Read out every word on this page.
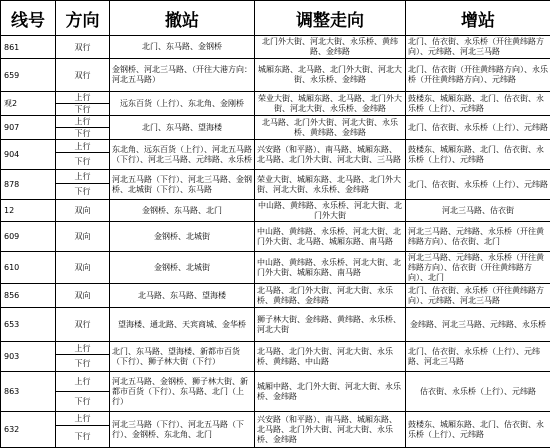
线号	方向	撤站	调整走向	增站
861	双行	北门、东马路、金钢桥	北门外大街、河北大街、永乐桥、黄纬路、金纬路	北门、估衣街、永乐桥（开往黄纬路方向）、元纬路、河北三马路
659	双行	金钢桥、河北三马路、（开往大港方向：河北五马路）	城厢东路、北马路、北门外大街、河北大街、永乐桥、金纬路	北门、估衣街（开往黄纬路方向）、永乐桥（开往黄纬路方向）、元纬路
观2	上行	远东百货（上行）、东北角、金刚桥	荣业大街、城厢东路、北马路、北门外大街、河北大街、永乐桥、金纬路	鼓楼东、城厢东路、北门、估衣街、永乐桥（上行）、元纬路
	下行			
907	上行	北门、东马路、望海楼	北马路、北门外大街、河北大街、永乐桥、黄纬路、金纬路	北门、估衣街、永乐桥（上行）、元纬路
	下行			
904	上行	东北角、远东百货（上行）、河北五马路（下行）、河北三马路、元纬路、永乐桥	兴安路（和平路）、南马路、城厢东路、北马路、北门外大街、河北大街、三马路	鼓楼东、城厢东路、北门、估衣街、永乐桥（上行）、元纬路
	下行			
878	上行	河北五马路（下行）、河北三马路、金钢桥、北城街（下行）、东马路	荣业大街、城厢东路、北马路、北门外大街、河北大街、永乐桥、金纬路	北门、估衣街、永乐桥（上行）、元纬路
	下行			
12	双向	金钢桥、东马路、北门	中山路、黄纬路、永乐桥、河北大街、北门外大街	河北三马路、估衣街
609	双向	金钢桥、北城街	中山路、黄纬路、永乐桥、河北大街、北门外大街、北马路、城厢东路、南马路	河北三马路、元纬路、永乐桥（开往黄纬路方向）、估衣街、北门
610	双向	金钢桥、北城街	中山路、黄纬路、永乐桥、河北大街、北门外大街、城厢东路、南马路	河北三马路、元纬路、永乐桥（开往黄纬路方向）、估衣街（开往黄纬路方向）、北门
856	双向	北马路、东马路、望海楼	北马路、北门外大街、河北大街、永乐桥、黄纬路、金纬路	北门、估衣街、永乐桥（开往黄纬路方向）、元纬路、河北三马路
653	双行	望海楼、通北路、天宾商城、金华桥	狮子林大街、金纬路、黄纬路、永乐桥、河北大街	金纬路、河北三马路、元纬路、永乐桥
903	上行	北门、东马路、望海楼、新都市百货（下行）、狮子林大街（下行）	北马路、北门外大街、河北大街、永乐桥、黄纬路、中山路	北门、估衣街、永乐桥（上行）、元纬路、河北三马路
	下行			
863	上行	河北五马路、金钢桥、狮子林大街、新都市百货（下行）、东马路、北门（上行）	城厢中路、北门外大街、河北大街、永乐桥、金纬路	估衣街、永乐桥（上行）、元纬路
	下行			
632	上行	河北三马路（下行）、河北五马路（下行）、金钢桥、东北角、北门	兴安路（和平路）、南马路、城厢东路、北马路、北门外大街、河北大街、永乐桥、金纬路	鼓楼东、城厢东路、北门、估衣街、永乐桥（上行）、元纬路
	下行			
